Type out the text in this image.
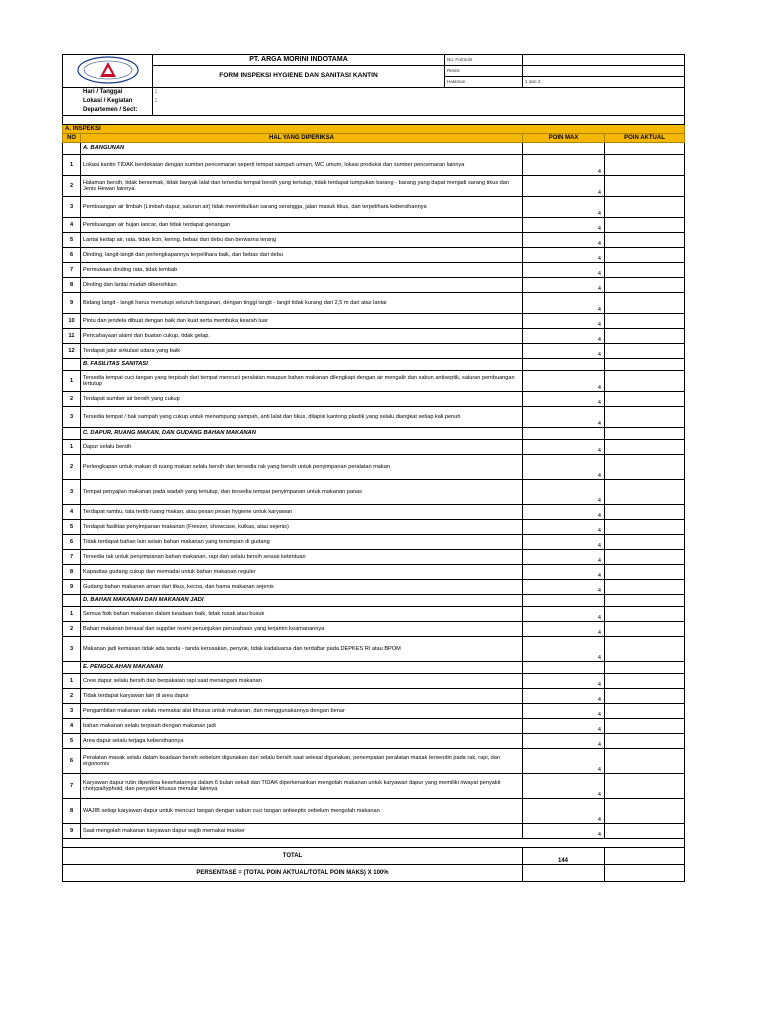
	PT. ARGA MORINI INDOTAMA	No. Formulir		
		FORM INSPEKSI HYGIENE DAN SANITASI KANTIN	Revisi		
			Halaman	1 dari 2	
Hari / Tanggal		:			
Lokasi / Kegiatan		:			
Departemen / Sect:					

A. INSPEKSI					
NO	HAL YANG DIPERIKSA			POIN MAX	POIN AKTUAL
	A. BANGUNAN				
1	Lokasi kantin TIDAK berdekatan dengan sumber pencemaran seperti tempat sampah umum, WC umum, lokasi produksi dan sumber pencemaran lainnya			4	
2	Halaman bersih, tidak bersemak, tidak banyak lalat dan tersedia tempat bersih yang tertutup, tidak terdapat tumpukan barang - barang yang dapat menjadi sarang tikus dan Jenis Hewan lainnya.			4	
3	Pembuangan air limbah (Limbah dapur, saluran air) tidak menimbulkan sarang serangga, jalan masuk tikus, dan terpelihara kebersihannya			4	
4	Pembuangan air hujan lancar, dan tidak terdapat genangan			4	
5	Lantai kedap air, rata, tidak licin, kering, bebas dari debu dan berwarna terang			4	
6	Dinding, langit-langit dan perlengkapannya terpelihara baik, dan bebas dari debu			4	
7	Permukaan dinding rata, tidak lembab			4	
8	Dinding dan lantai mudah dibersihkan			4	
9	Bidang langit - langit harus menutupi seluruh bangunan, dengan tinggi langit - langit tidak kurang dari 2,5 m dari atas lantai			4	
10	Pintu dan jendela dibuat dengan baik dan kuat serta membuka kearah luar			4	
11	Pencahayaan alami dan buatan cukup, tidak gelap.			4	
12	Terdapat jalur sirkulasi udara yang baik			4	
	B. FASILITAS SANITASI				
1	Tersedia tempat cuci tangan yang terpisah dari tempat mencuci peralatan maupun bahan makanan dilengkapi dengan air mengalir dan sabun antiseptik, saluran pembuangan tertutup			4	
2	Terdapat sumber air bersih yang cukup			4	
3	Tersedia tempat / bak sampah yang cukup untuk menampung sampah, anti lalat dan tikus, dilapisi kantong plastik yang selalu diangkat setiap kali penuh			4	
	C. DAPUR, RUANG MAKAN, DAN GUDANG BAHAN MAKANAN				
1	Dapur selalu bersih			4	
2	Perlengkapan untuk makan di ruang makan selalu bersih dan tersedia rak yang bersih untuk penyimpanan peralatan makan			4	
3	Tempat penyajian makanan pada wadah yang tertutup, dan tersedia tempat penyimpanan untuk makanan panas			4	
4	Terdapat rambu, tata tertib ruang makan, atau pesan pesan hygiene untuk karyawan			4	
5	Terdapat fasilitas penyimpanan makanan (Freezer, showcase, kulkas, atau sejenis)			4	
6	Tidak terdapat bahan lain selain bahan makanan yang tersimpan di gudang			4	
7	Tersedia rak untuk penyimpanan bahan makanan, rapi dan selalu bersih sesuai ketentuan			4	
8	Kapasitas gudang cukup dan memadai untuk bahan makanan reguler			4	
9	Gudang bahan makanan aman dari tikus, kecoa, dan hama makanan sejenis			4	
	D. BAHAN MAKANAN DAN MAKANAN JADI				
1	Semua fisik bahan makanan dalam keadaan baik, tidak rusak atau busuk			4	
2	Bahan makanan berasal dari supplier resmi penunjukan perusahaan yang terjamin keamanannya			4	
3	Makanan jadi kemasan tidak ada tanda - tanda kerusakan, penyok, tidak kadaluarsa dan terdaftar pada DEPKES RI atau BPOM			4	
	E. PENGOLAHAN MAKANAN				
1	Crew dapur selalu bersih dan berpakaian rapi saat menangani makanan			4	
2	Tidak terdapat karyawan lain di area dapur			4	
3	Pengambilan makanan selalu memakai alat khusus untuk makanan, dan menggunakannya dengan benar			4	
4	bahan makanan selalu terpisah dengan makanan jadi			4	
5	Area dapur selalu terjaga kebersihannya			4	
6	Peralatan masak selalu dalam keadaan bersih sebelum digunakan dan selalu bersih saat selesai digunakan, penempatan peralatan masak tersendiri pada rak, rapi, dan ergonomis			4	
7	Karyawan dapur rutin diperiksa kesehatannya dalam 6 bulan sekali dan TIDAK diperkenankan mengolah makanan untuk karyawan dapur yang memiliki riwayat penyakit chotypa/typhoid, dan penyakit khusus menular lainnya			4	
8	WAJIB setiap karyawan dapur untuk mencuci tangan dengan sabun cuci tangan antiseptic sebelum mengolah makanan			4	
9	Saat mengolah makanan karyawan dapur wajib memakai masker			4	

TOTAL				144	
PERSENTASE = (TOTAL POIN AKTUAL/TOTAL POIN MAKS) X 100%					
